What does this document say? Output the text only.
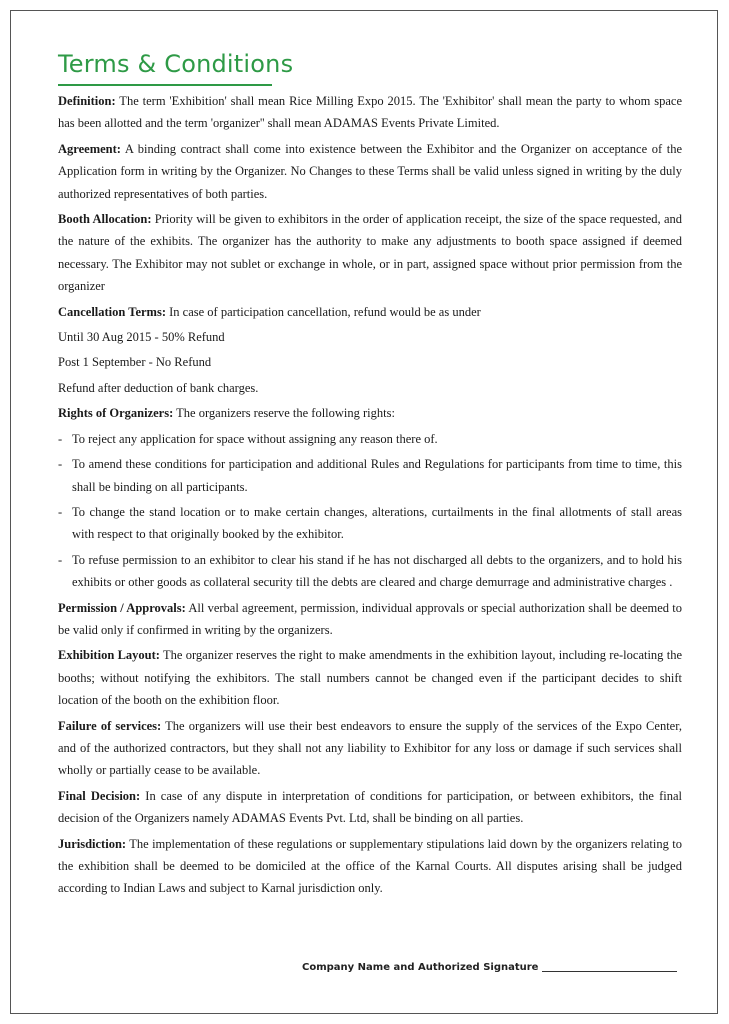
Terms & Conditions

Definition: The term 'Exhibition' shall mean Rice Milling Expo 2015. The 'Exhibitor' shall mean the party to whom space has been allotted and the term 'organizer'' shall mean ADAMAS Events Private Limited.

Agreement: A binding contract shall come into existence between the Exhibitor and the Organizer on acceptance of the Application form in writing by the Organizer. No Changes to these Terms shall be valid unless signed in writing by the duly authorized representatives of both parties.

Booth Allocation: Priority will be given to exhibitors in the order of application receipt, the size of the space requested, and the nature of the exhibits. The organizer has the authority to make any adjustments to booth space assigned if deemed necessary. The Exhibitor may not sublet or exchange in whole, or in part, assigned space without prior permission from the organizer

Cancellation Terms: In case of participation cancellation, refund would be as under

Until 30 Aug 2015 - 50% Refund

Post 1 September - No Refund

Refund after deduction of bank charges.

Rights of Organizers: The organizers reserve the following rights:

- To reject any application for space without assigning any reason there of.

- To amend these conditions for participation and additional Rules and Regulations for participants from time to time, this shall be binding on all participants.

- To change the stand location or to make certain changes, alterations, curtailments in the final allotments of stall areas with respect to that originally booked by the exhibitor.

- To refuse permission to an exhibitor to clear his stand if he has not discharged all debts to the organizers, and to hold his exhibits or other goods as collateral security till the debts are cleared and charge demurrage and administrative charges .

Permission / Approvals: All verbal agreement, permission, individual approvals or special authorization shall be deemed to be valid only if confirmed in writing by the organizers.

Exhibition Layout: The organizer reserves the right to make amendments in the exhibition layout, including re-locating the booths; without notifying the exhibitors. The stall numbers cannot be changed even if the participant decides to shift location of the booth on the exhibition floor.

Failure of services: The organizers will use their best endeavors to ensure the supply of the services of the Expo Center, and of the authorized contractors, but they shall not any liability to Exhibitor for any loss or damage if such services shall wholly or partially cease to be available.

Final Decision: In case of any dispute in interpretation of conditions for participation, or between exhibitors, the final decision of the Organizers namely ADAMAS Events Pvt. Ltd, shall be binding on all parties.

Jurisdiction: The implementation of these regulations or supplementary stipulations laid down by the organizers relating to the exhibition shall be deemed to be domiciled at the office of the Karnal Courts. All disputes arising shall be judged according to Indian Laws and subject to Karnal jurisdiction only.

Company Name and Authorized Signature
